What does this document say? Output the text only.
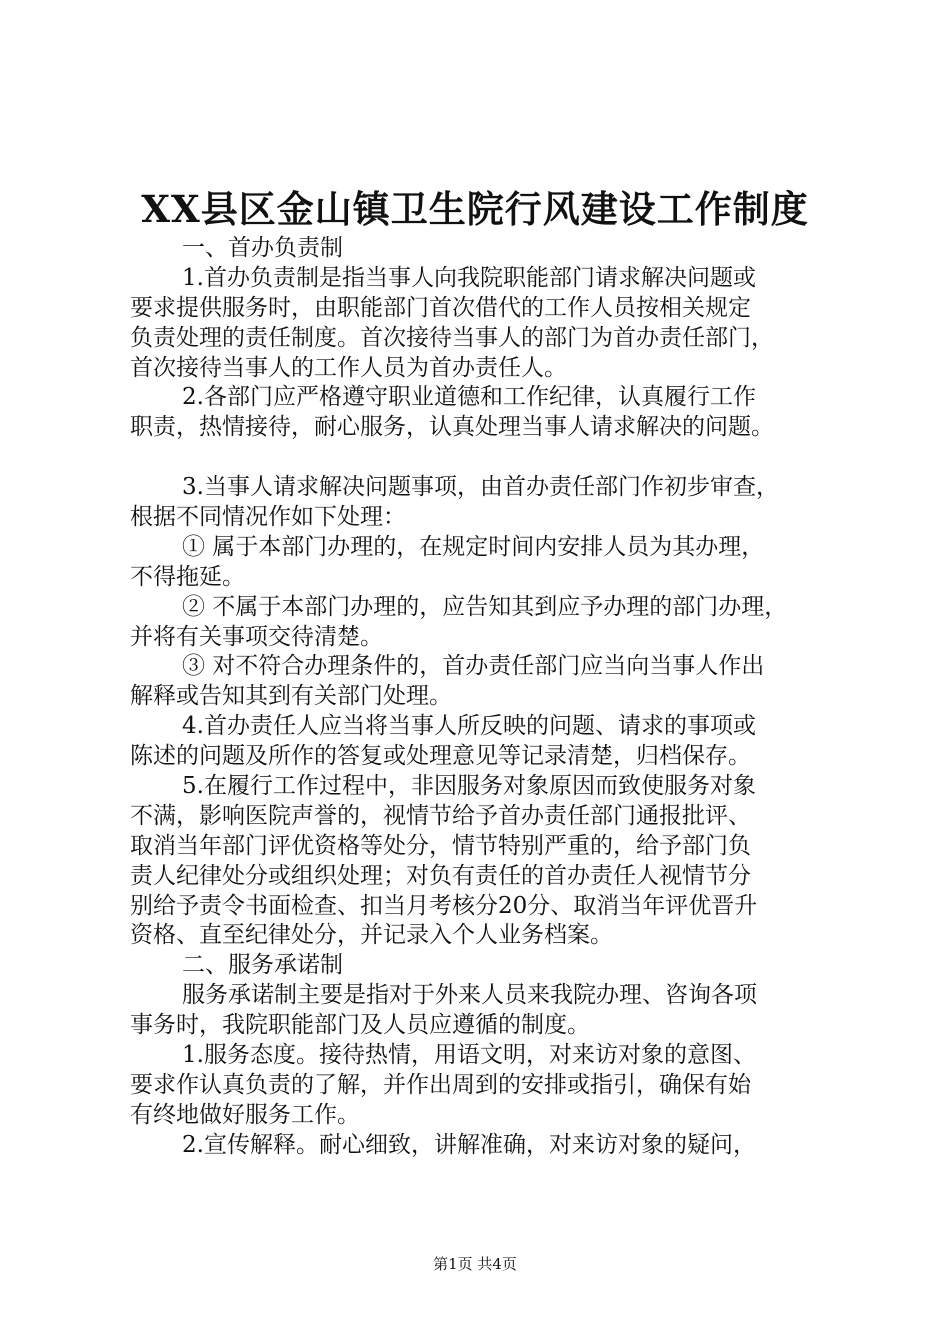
XX县区金山镇卫生院行风建设工作制度
一、首办负责制
1.首办负责制是指当事人向我院职能部门请求解决问题或
要求提供服务时，由职能部门首次借代的工作人员按相关规定
负责处理的责任制度。首次接待当事人的部门为首办责任部门，
首次接待当事人的工作人员为首办责任人。
2.各部门应严格遵守职业道德和工作纪律，认真履行工作
职责，热情接待，耐心服务，认真处理当事人请求解决的问题。
3.当事人请求解决问题事项，由首办责任部门作初步审查，
根据不同情况作如下处理：
① 属于本部门办理的，在规定时间内安排人员为其办理，
不得拖延。
② 不属于本部门办理的，应告知其到应予办理的部门办理，
并将有关事项交待清楚。
③ 对不符合办理条件的，首办责任部门应当向当事人作出
解释或告知其到有关部门处理。
4.首办责任人应当将当事人所反映的问题、请求的事项或
陈述的问题及所作的答复或处理意见等记录清楚，归档保存。
5.在履行工作过程中，非因服务对象原因而致使服务对象
不满，影响医院声誉的，视情节给予首办责任部门通报批评、
取消当年部门评优资格等处分，情节特别严重的，给予部门负
责人纪律处分或组织处理；对负有责任的首办责任人视情节分
别给予责令书面检查、扣当月考核分20分、取消当年评优晋升
资格、直至纪律处分，并记录入个人业务档案。
二、服务承诺制
服务承诺制主要是指对于外来人员来我院办理、咨询各项
事务时，我院职能部门及人员应遵循的制度。
1.服务态度。接待热情，用语文明，对来访对象的意图、
要求作认真负责的了解，并作出周到的安排或指引，确保有始
有终地做好服务工作。
2.宣传解释。耐心细致，讲解准确，对来访对象的疑问，
第1页 共4页
